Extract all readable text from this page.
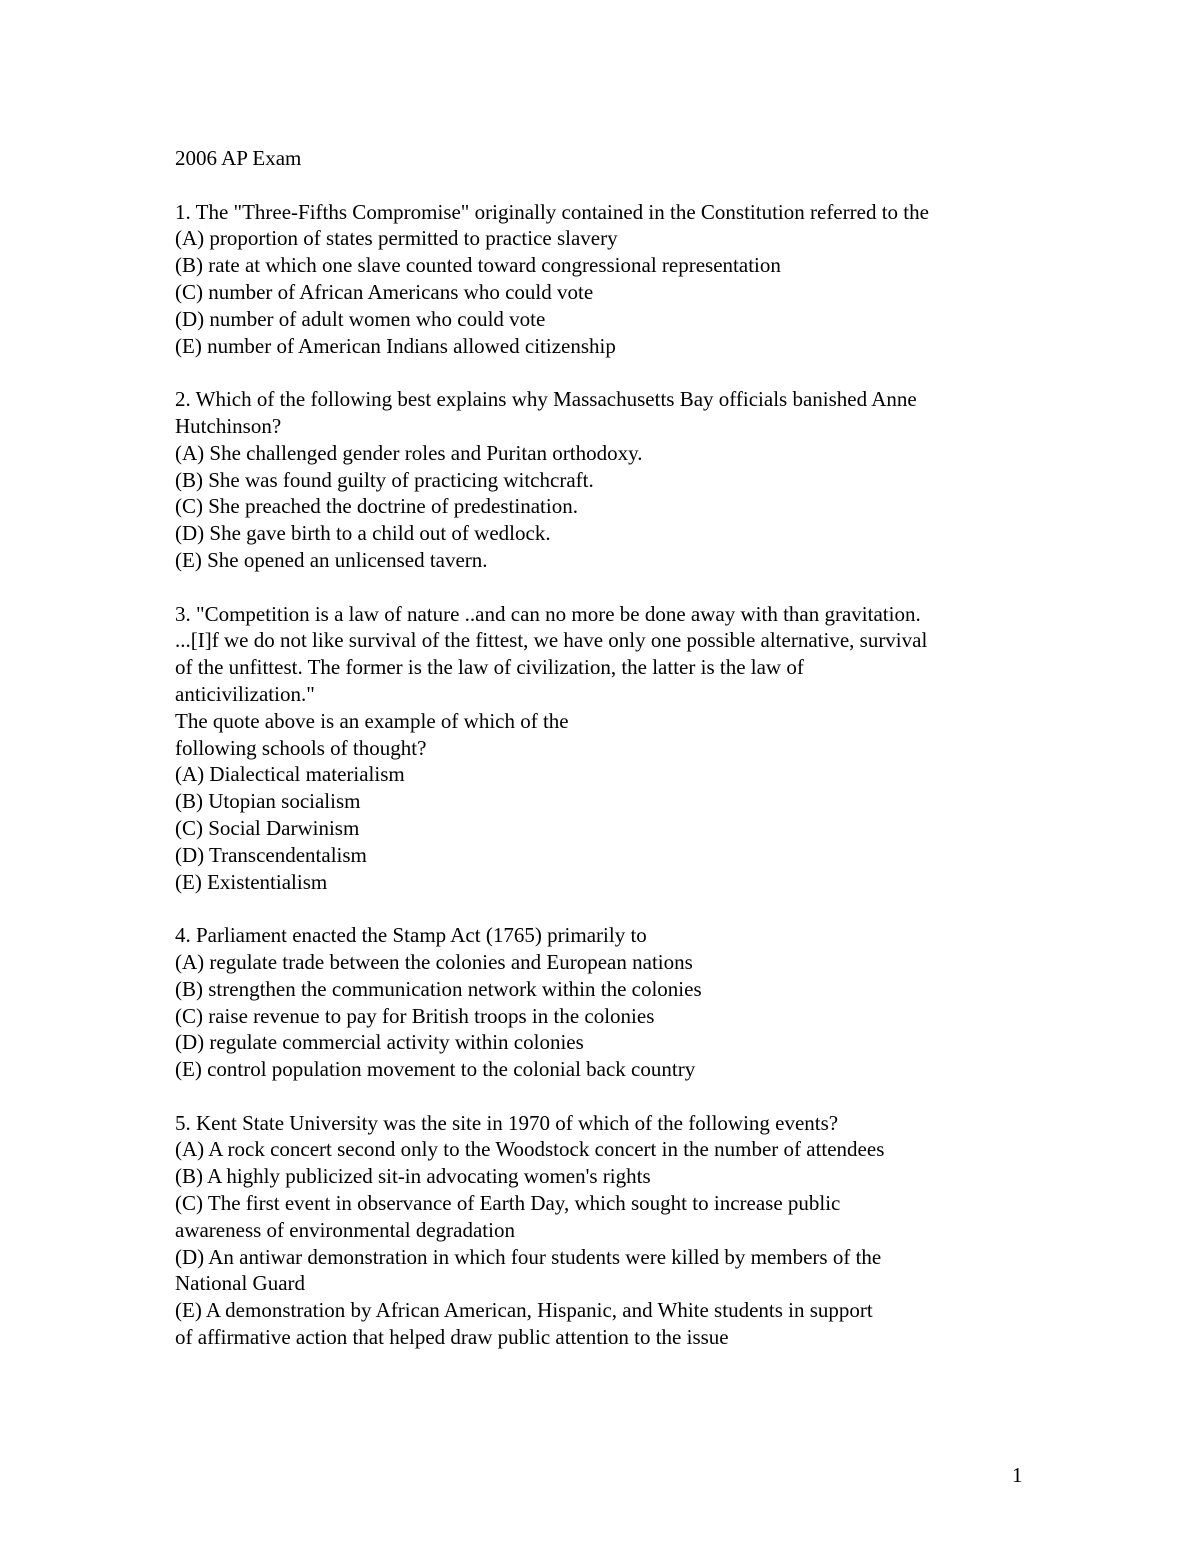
2006 AP Exam
1. The "Three-Fifths Compromise" originally contained in the Constitution referred to the
(A) proportion of states permitted to practice slavery
(B) rate at which one slave counted toward congressional representation
(C) number of African Americans who could vote
(D) number of adult women who could vote
(E) number of American Indians allowed citizenship
2. Which of the following best explains why Massachusetts Bay officials banished Anne
Hutchinson?
(A) She challenged gender roles and Puritan orthodoxy.
(B) She was found guilty of practicing witchcraft.
(C) She preached the doctrine of predestination.
(D) She gave birth to a child out of wedlock.
(E) She opened an unlicensed tavern.
3. "Competition is a law of nature ..and can no more be done away with than gravitation.
...[I]f we do not like survival of the fittest, we have only one possible alternative, survival
of the unfittest. The former is the law of civilization, the latter is the law of
anticivilization."
The quote above is an example of which of the
following schools of thought?
(A) Dialectical materialism
(B) Utopian socialism
(C) Social Darwinism
(D) Transcendentalism
(E) Existentialism
4. Parliament enacted the Stamp Act (1765) primarily to
(A) regulate trade between the colonies and European nations
(B) strengthen the communication network within the colonies
(C) raise revenue to pay for British troops in the colonies
(D) regulate commercial activity within colonies
(E) control population movement to the colonial back country
5. Kent State University was the site in 1970 of which of the following events?
(A) A rock concert second only to the Woodstock concert in the number of attendees
(B) A highly publicized sit-in advocating women's rights
(C) The first event in observance of Earth Day, which sought to increase public
awareness of environmental degradation
(D) An antiwar demonstration in which four students were killed by members of the
National Guard
(E) A demonstration by African American, Hispanic, and White students in support
of affirmative action that helped draw public attention to the issue
1
